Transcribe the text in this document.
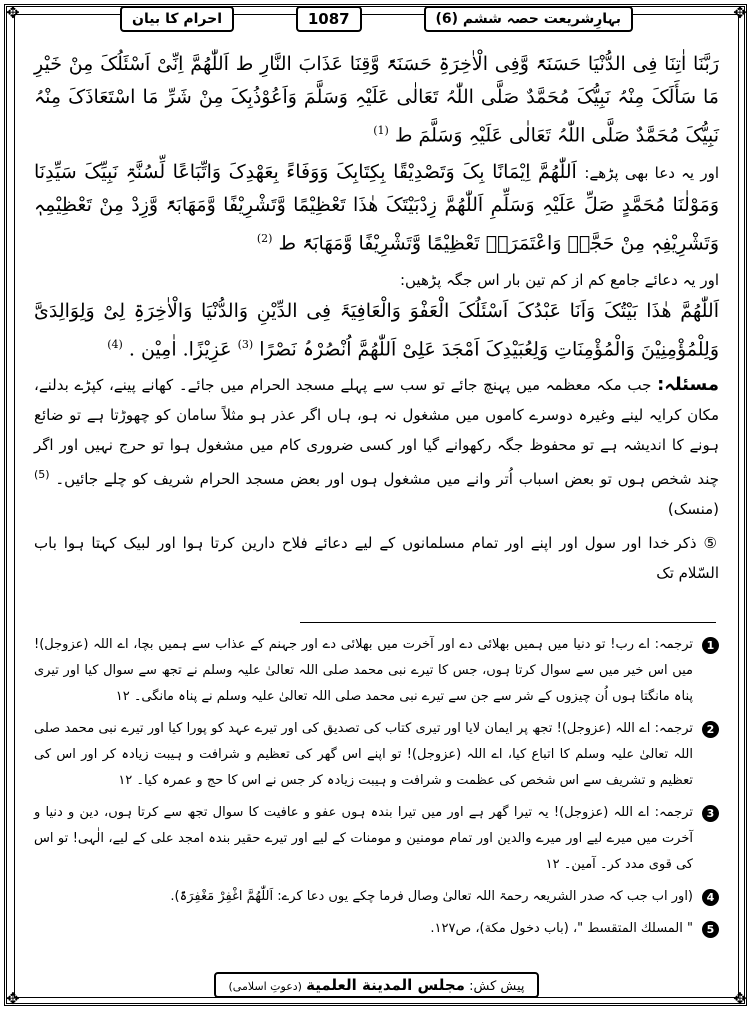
✥	✥
✥	✥
بہارِشریعت حصہ ششم (6)
1087
احرام کا بیان

رَبَّنَا اٰتِنَا فِی الدُّنْیَا حَسَنَۃً وَّفِی الْاٰخِرَۃِ حَسَنَۃً وَّقِنَا عَذَابَ النَّارِ ط اَللّٰھُمَّ اِنِّیْ اَسْئَلُکَ مِنْ خَیْرِ مَا سَأَلَکَ مِنْہُ نَبِیُّکَ مُحَمَّدٌ صَلَّی اللّٰہُ تَعَالٰی عَلَیْہِ وَسَلَّمَ وَاَعُوْذُبِکَ مِنْ شَرِّ مَا اسْتَعَاذَکَ مِنْہُ نَبِیُّکَ مُحَمَّدٌ صَلَّی اللّٰہُ تَعَالٰی عَلَیْہِ وَسَلَّمَ ط $^{(1)}$

اور یہ دعا بھی پڑھے: اَللّٰھُمَّ اِیْمَانًا بِکَ وَتَصْدِیْقًا بِکِتَابِکَ وَوَفَاءً بِعَھْدِکَ وَاتِّبَاعًا لِّسُنَّۃِ نَبِیِّکَ سَیِّدِنَا وَمَوْلٰنَا مُحَمَّدٍ صَلِّ عَلَیْہِ وَسَلِّمِ اَللّٰھُمَّ زِدْبَیْتَکَ ھٰذَا تَعْظِیْمًا وَّتَشْرِیْفًا وَّمَھَابَۃً وَّزِدْ مِنْ تَعْظِیْمِہٖ وَتَشْرِیْفِہٖ مِنْ حَجَّہٗ وَاعْتَمَرَہٗ تَعْظِیْمًا وَّتَشْرِیْفًا وَّمَھَابَۃً ط $^{(2)}$

اور یہ دعائے جامع کم از کم تین بار اس جگہ پڑھیں:

اَللّٰھُمَّ ھٰذَا بَیْتُکَ وَاَنَا عَبْدُکَ اَسْئَلُکَ الْعَفْوَ وَالْعَافِیَۃَ فِی الدِّیْنِ وَالدُّنْیَا وَالْاٰخِرَۃِ لِیْ وَلِوَالِدَیَّ وَلِلْمُؤْمِنِیْنَ وَالْمُؤْمِنَاتِ وَلِعُبَیْدِکَ اَمْجَدَ عَلِیْ اَللّٰھُمَّ اُنْصُرْہُ نَصْرًا $^{(3)}$ عَزِیْزًا. اٰمِیْن . $^{(4)}$

مسئلہ: جب مکہ معظمہ میں پہنچ جائے تو سب سے پہلے مسجد الحرام میں جائے۔ کھانے پینے، کپڑے بدلنے، مکان کرایہ لینے وغیرہ دوسرے کاموں میں مشغول نہ ہو، ہاں اگر عذر ہو مثلاً سامان کو چھوڑتا ہے تو ضائع ہونے کا اندیشہ ہے تو محفوظ جگہ رکھوانے گیا اور کسی ضروری کام میں مشغول ہوا تو حرج نہیں اور اگر چند شخص ہوں تو بعض اسباب اُتر وانے میں مشغول ہوں اور بعض مسجد الحرام شریف کو چلے جائیں۔ $^{(5)}$ (منسک)

⑤ ذکر خدا اور سول اور اپنے اور تمام مسلمانوں کے لیے دعائے فلاح دارین کرتا ہوا اور لبیک کہتا ہوا باب السّلام تک

1
ترجمہ: اے رب! تو دنیا میں ہمیں بھلائی دے اور آخرت میں بھلائی دے اور جہنم کے عذاب سے ہمیں بچا، اے اللہ (عزوجل)! میں اس خیر میں سے سوال کرتا ہوں، جس کا تیرے نبی محمد صلی اللہ تعالیٰ علیہ وسلم نے تجھ سے سوال کیا اور تیری پناہ مانگتا ہوں اُن چیزوں کے شر سے جن سے تیرے نبی محمد صلی اللہ تعالیٰ علیہ وسلم نے پناہ مانگی۔ ۱۲
2
ترجمہ: اے اللہ (عزوجل)! تجھ پر ایمان لایا اور تیری کتاب کی تصدیق کی اور تیرے عہد کو پورا کیا اور تیرے نبی محمد صلی اللہ تعالیٰ علیہ وسلم کا اتباع کیا، اے اللہ (عزوجل)! تو اپنے اس گھر کی تعظیم و شرافت و ہیبت زیادہ کر اور اس کی تعظیم و تشریف سے اس شخص کی عظمت و شرافت و ہیبت زیادہ کر جس نے اس کا حج و عمرہ کیا۔ ۱۲
3
ترجمہ: اے اللہ (عزوجل)! یہ تیرا گھر ہے اور میں تیرا بندہ ہوں عفو و عافیت کا سوال تجھ سے کرتا ہوں، دین و دنیا و آخرت میں میرے لیے اور میرے والدین اور تمام مومنین و مومنات کے لیے اور تیرے حقیر بندہ امجد علی کے لیے، الٰہی! تو اس کی قوی مدد کر۔ آمین۔ ۱۲
4
(اور اب جب کہ صدر الشریعہ رحمۃ اللہ تعالیٰ وصال فرما چکے یوں دعا کرے: اَللّٰھُمَّ اغْفِرْ مَغْفِرَۃً).
5
" المسلك المتقسط "، (باب دخول مكة)، ص١٢٧.
پیش کش: مجلس المدينة العلمية (دعوتِ اسلامی)
